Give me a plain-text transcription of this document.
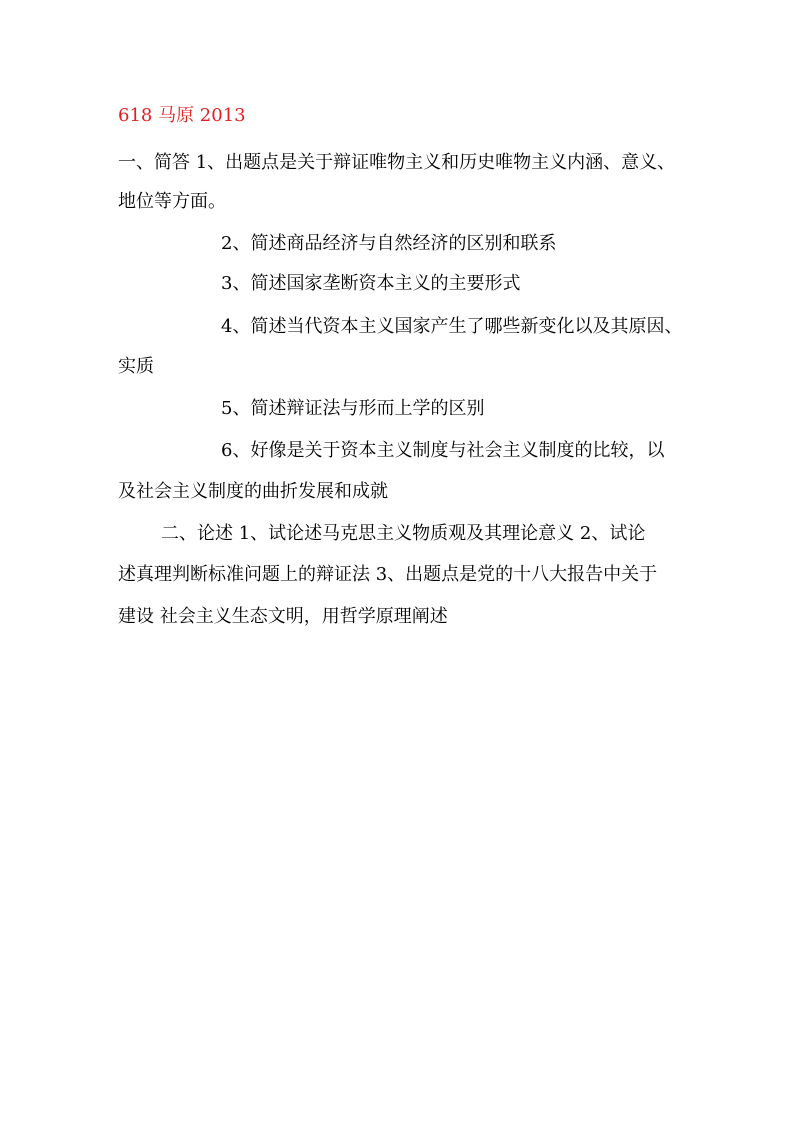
618 马原 2013
一、简答 1、出题点是关于辩证唯物主义和历史唯物主义内涵、意义、
地位等方面。
2、简述商品经济与自然经济的区别和联系
3、简述国家垄断资本主义的主要形式
4、简述当代资本主义国家产生了哪些新变化以及其原因、
实质
5、简述辩证法与形而上学的区别
6、好像是关于资本主义制度与社会主义制度的比较，以
及社会主义制度的曲折发展和成就
二、论述 1、试论述马克思主义物质观及其理论意义 2、试论
述真理判断标准问题上的辩证法 3、出题点是党的十八大报告中关于
建设 社会主义生态文明，用哲学原理阐述
